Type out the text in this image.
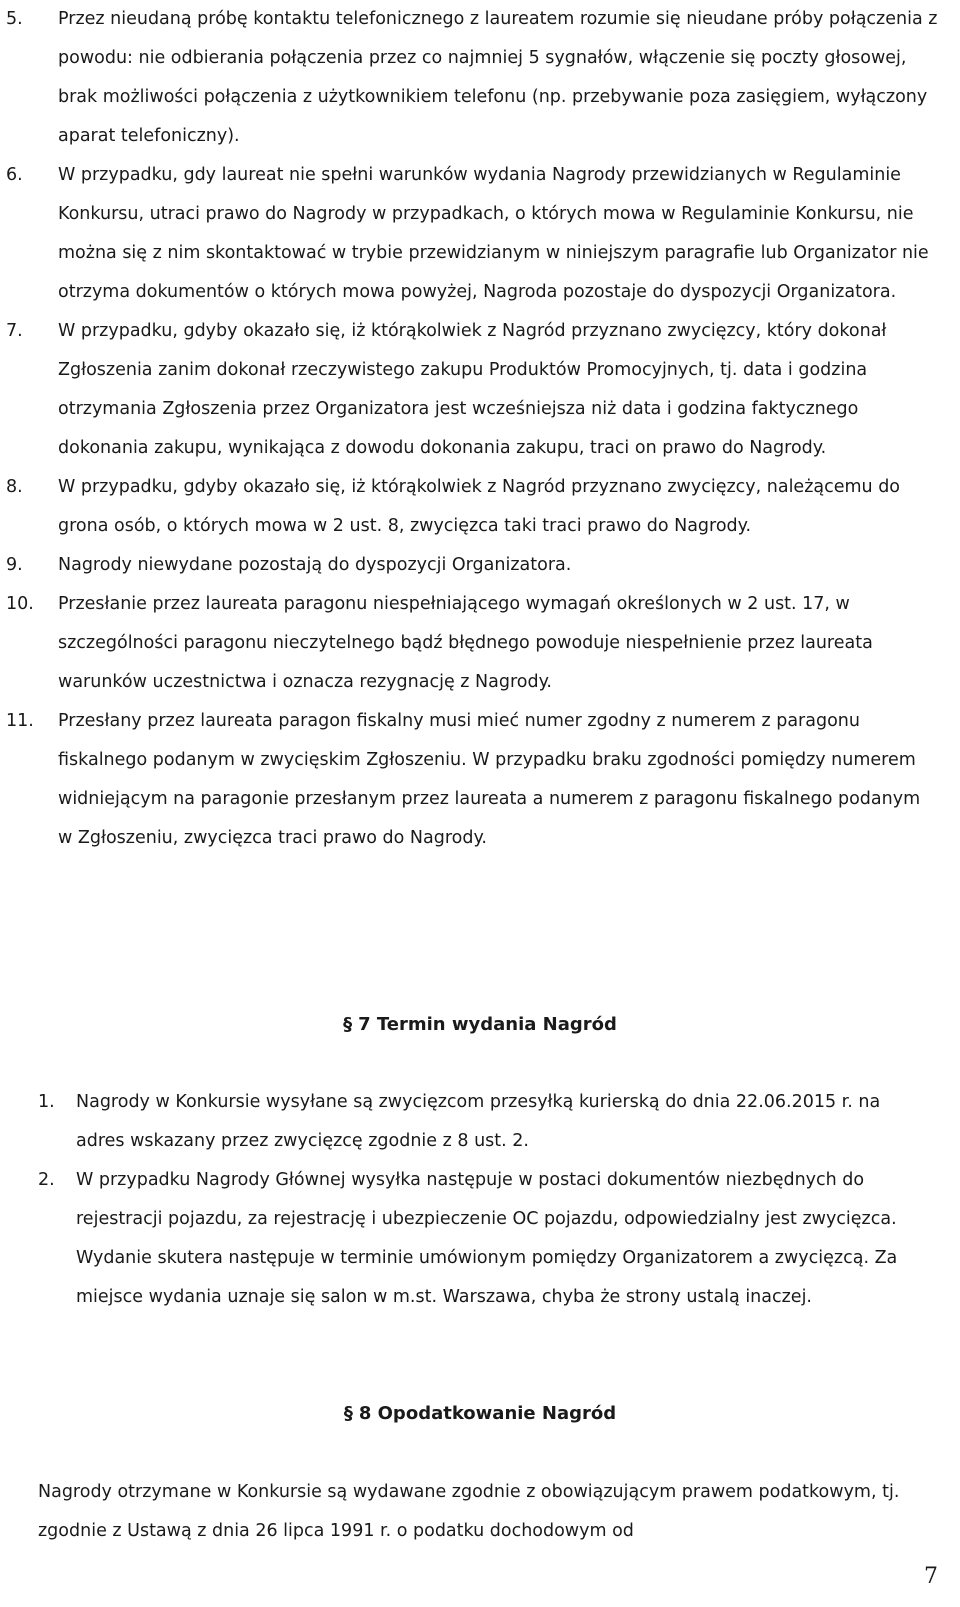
5. Przez nieudaną próbę kontaktu telefonicznego z laureatem rozumie się nieudane próby połączenia z powodu: nie odbierania połączenia przez co najmniej 5 sygnałów, włączenie się poczty głosowej, brak możliwości połączenia z użytkownikiem telefonu (np. przebywanie poza zasięgiem, wyłączony aparat telefoniczny).
6. W przypadku, gdy laureat nie spełni warunków wydania Nagrody przewidzianych w Regulaminie Konkursu, utraci prawo do Nagrody w przypadkach, o których mowa w Regulaminie Konkursu, nie można się z nim skontaktować w trybie przewidzianym w niniejszym paragrafie lub Organizator nie otrzyma dokumentów o których mowa powyżej, Nagroda pozostaje do dyspozycji Organizatora.
7. W przypadku, gdyby okazało się, iż którąkolwiek z Nagród przyznano zwycięzcy, który dokonał Zgłoszenia zanim dokonał rzeczywistego zakupu Produktów Promocyjnych, tj. data i godzina otrzymania Zgłoszenia przez Organizatora jest wcześniejsza niż data i godzina faktycznego dokonania zakupu, wynikająca z dowodu dokonania zakupu, traci on prawo do Nagrody.
8. W przypadku, gdyby okazało się, iż którąkolwiek z Nagród przyznano zwycięzcy, należącemu do grona osób, o których mowa w 2 ust. 8, zwycięzca taki traci prawo do Nagrody.
9. Nagrody niewydane pozostają do dyspozycji Organizatora.
10. Przesłanie przez laureata paragonu niespełniającego wymagań określonych w 2 ust. 17, w szczególności paragonu nieczytelnego bądź błędnego powoduje niespełnienie przez laureata warunków uczestnictwa i oznacza rezygnację z Nagrody.
11. Przesłany przez laureata paragon fiskalny musi mieć numer zgodny z numerem z paragonu fiskalnego podanym w zwycięskim Zgłoszeniu. W przypadku braku zgodności pomiędzy numerem widniejącym na paragonie przesłanym przez laureata a numerem z paragonu fiskalnego podanym w Zgłoszeniu, zwycięzca traci prawo do Nagrody.
§ 7 Termin wydania Nagród
1. Nagrody w Konkursie wysyłane są zwycięzcom przesyłką kurierską do dnia 22.06.2015 r. na adres wskazany przez zwycięzcę zgodnie z 8 ust. 2.
2. W przypadku Nagrody Głównej wysyłka następuje w postaci dokumentów niezbędnych do rejestracji pojazdu, za rejestrację i ubezpieczenie OC pojazdu, odpowiedzialny jest zwycięzca. Wydanie skutera następuje w terminie umówionym pomiędzy Organizatorem a zwycięzcą. Za miejsce wydania uznaje się salon w m.st. Warszawa, chyba że strony ustalą inaczej.
§ 8 Opodatkowanie Nagród
Nagrody otrzymane w Konkursie są wydawane zgodnie z obowiązującym prawem podatkowym, tj. zgodnie z Ustawą z dnia 26 lipca 1991 r. o podatku dochodowym od
7
